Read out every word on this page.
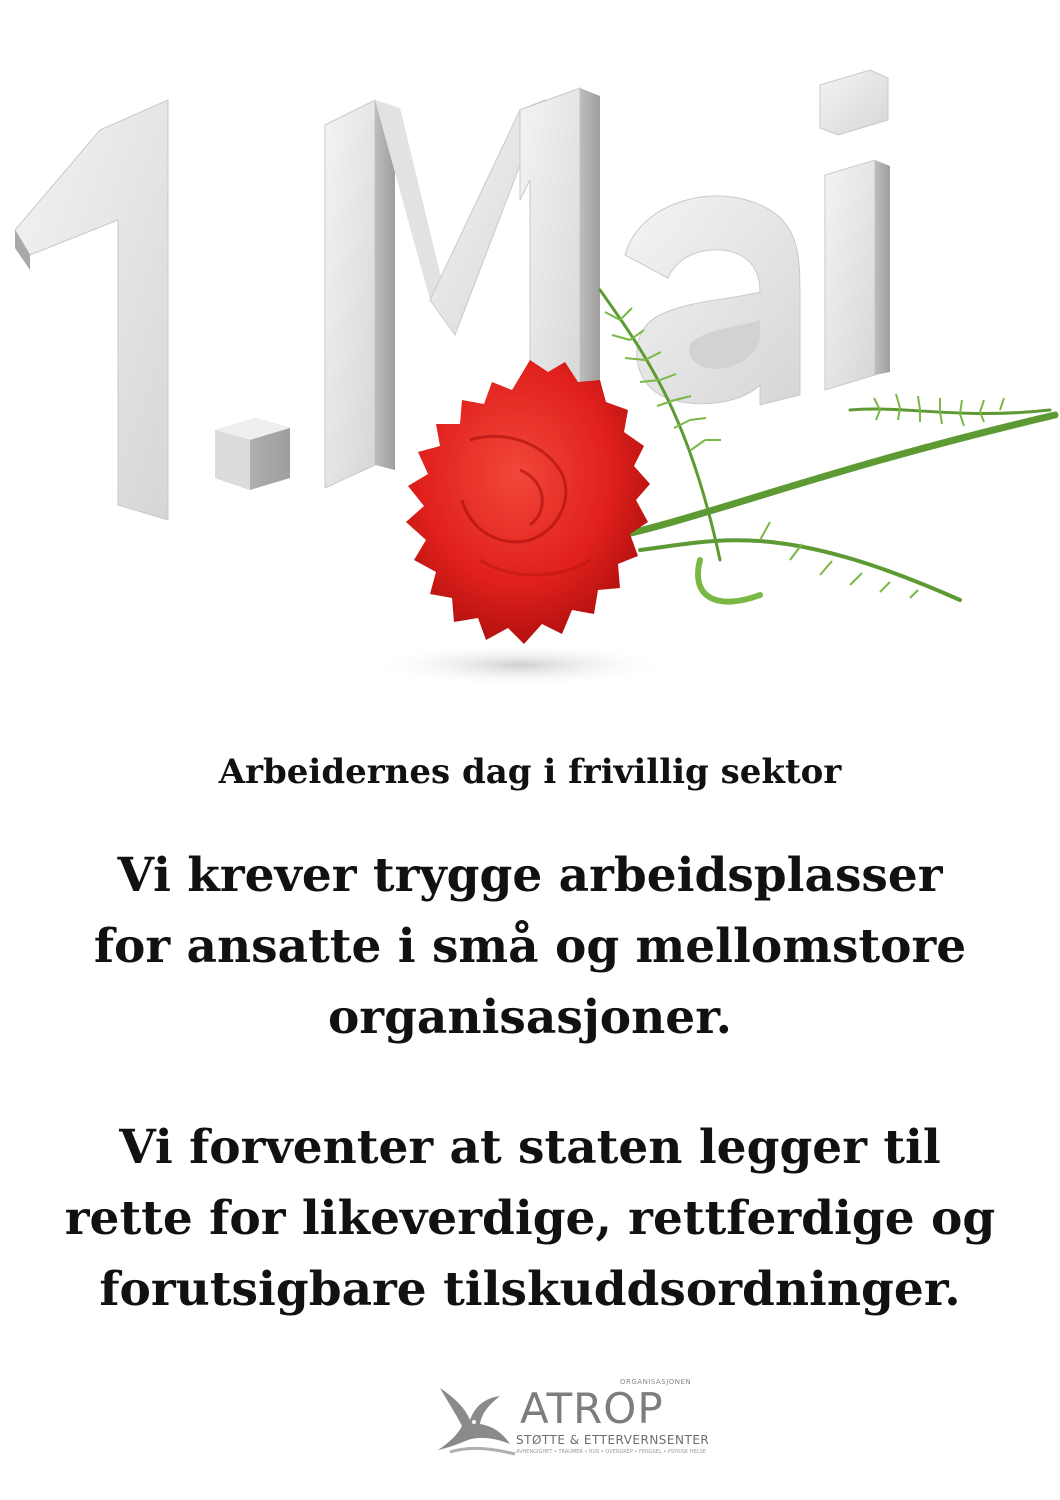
Arbeidernes dag i frivillig sektor
Vi krever trygge arbeidsplasser
for ansatte i små og mellomstore
organisasjoner.
Vi forventer at staten legger til
rette for likeverdige, rettferdige og
forutsigbare tilskuddsordninger.
ORGANISASJONEN
ATROP
STØTTE & ETTERVERNSENTER
AVHENGIGHET • TRAUMER • RUS • OVERGREP • FENGSEL • PSYKISK HELSE
